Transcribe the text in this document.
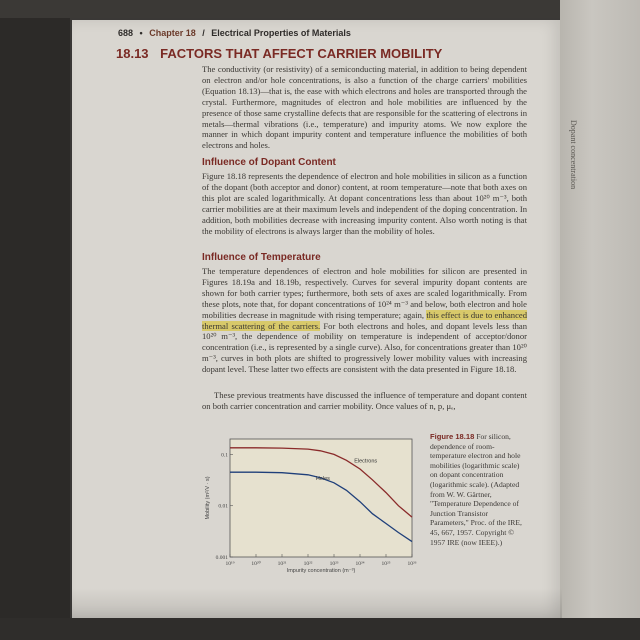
Dopant concentration
688 • Chapter 18 / Electrical Properties of Materials
18.13 FACTORS THAT AFFECT CARRIER MOBILITY

The conductivity (or resistivity) of a semiconducting material, in addition to being dependent on electron and/or hole concentrations, is also a function of the charge carriers' mobilities (Equation 18.13)—that is, the ease with which electrons and holes are transported through the crystal. Furthermore, magnitudes of electron and hole mobilities are influenced by the presence of those same crystalline defects that are responsible for the scattering of electrons in metals—thermal vibrations (i.e., temperature) and impurity atoms. We now explore the manner in which dopant impurity content and temperature influence the mobilities of both electrons and holes.

Influence of Dopant Content

Figure 18.18 represents the dependence of electron and hole mobilities in silicon as a function of the dopant (both acceptor and donor) content, at room temperature—note that both axes on this plot are scaled logarithmically. At dopant concentrations less than about 10²⁰ m⁻³, both carrier mobilities are at their maximum levels and independent of the doping concentration. In addition, both mobilities decrease with increasing impurity content. Also worth noting is that the mobility of electrons is always larger than the mobility of holes.

Influence of Temperature

The temperature dependences of electron and hole mobilities for silicon are presented in Figures 18.19a and 18.19b, respectively. Curves for several impurity dopant contents are shown for both carrier types; furthermore, both sets of axes are scaled logarithmically. From these plots, note that, for dopant concentrations of 10²⁴ m⁻³ and below, both electron and hole mobilities decrease in magnitude with rising temperature; again, this effect is due to enhanced thermal scattering of the carriers. For both electrons and holes, and dopant levels less than 10²⁰ m⁻³, the dependence of mobility on temperature is independent of acceptor/donor concentration (i.e., is represented by a single curve). Also, for concentrations greater than 10²⁰ m⁻³, curves in both plots are shifted to progressively lower mobility values with increasing dopant level. These latter two effects are consistent with the data presented in Figure 18.18.

These previous treatments have discussed the influence of temperature and dopant content on both carrier concentration and carrier mobility. Once values of n, p, μₑ,

10¹⁹	10²⁰	10²¹	10²²	10²³	10²⁴	10²⁵	10²⁶
0.1
0.01
0.001
Electrons
Holes
Impurity concentration (m⁻³)
Mobility (m²/V · s)
Figure 18.18 For silicon, dependence of room-temperature electron and hole mobilities (logarithmic scale) on dopant concentration (logarithmic scale). (Adapted from W. W. Gärtner, "Temperature Dependence of Junction Transistor Parameters," Proc. of the IRE, 45, 667, 1957. Copyright © 1957 IRE (now IEEE).)
